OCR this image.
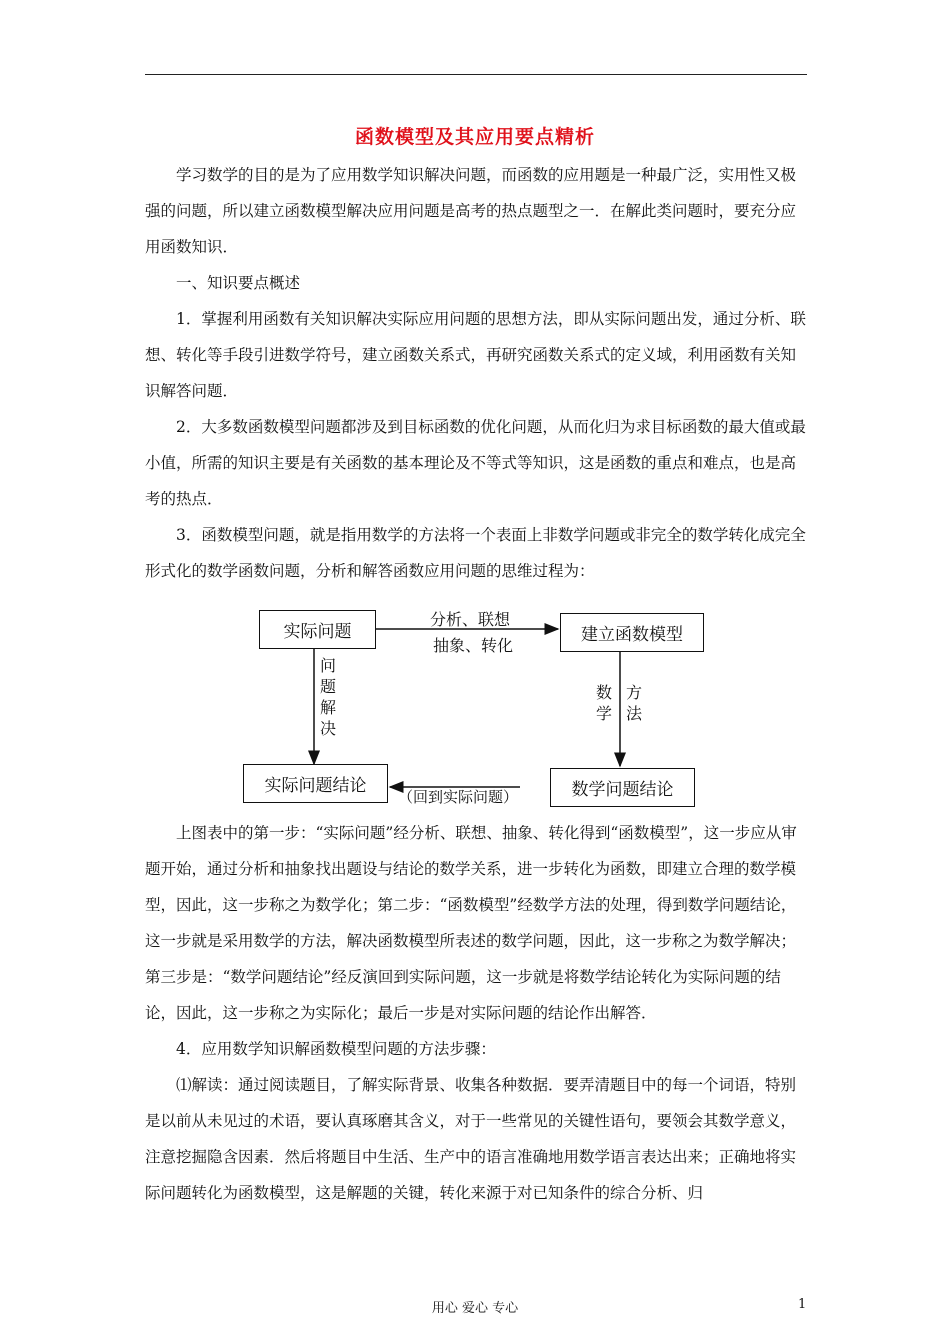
函数模型及其应用要点精析

学习数学的目的是为了应用数学知识解决问题，而函数的应用题是一种最广泛，实用性又极强的问题，所以建立函数模型解决应用问题是高考的热点题型之一．在解此类问题时，要充分应用函数知识．

一、知识要点概述

1．掌握利用函数有关知识解决实际应用问题的思想方法，即从实际问题出发，通过分析、联想、转化等手段引进数学符号，建立函数关系式，再研究函数关系式的定义域，利用函数有关知识解答问题．

2．大多数函数模型问题都涉及到目标函数的优化问题，从而化归为求目标函数的最大值或最小值，所需的知识主要是有关函数的基本理论及不等式等知识，这是函数的重点和难点，也是高考的热点．

3．函数模型问题，就是指用数学的方法将一个表面上非数学问题或非完全的数学转化成完全形式化的数学函数问题，分析和解答函数应用问题的思维过程为：

实际问题	建立函数模型
数学问题结论
实际问题结论
分析、联想
抽象、转化
问题解决
数学
方法
（回到实际问题）

上图表中的第一步：“实际问题”经分析、联想、抽象、转化得到“函数模型”，这一步应从审题开始，通过分析和抽象找出题设与结论的数学关系，进一步转化为函数，即建立合理的数学模型，因此，这一步称之为数学化；第二步：“函数模型”经数学方法的处理，得到数学问题结论，这一步就是采用数学的方法，解决函数模型所表述的数学问题，因此，这一步称之为数学解决；第三步是：“数学问题结论”经反演回到实际问题，这一步就是将数学结论转化为实际问题的结论，因此，这一步称之为实际化；最后一步是对实际问题的结论作出解答．

4．应用数学知识解函数模型问题的方法步骤：

⑴解读：通过阅读题目，了解实际背景、收集各种数据．要弄清题目中的每一个词语，特别是以前从未见过的术语，要认真琢磨其含义，对于一些常见的关键性语句，要领会其数学意义，注意挖掘隐含因素．然后将题目中生活、生产中的语言准确地用数学语言表达出来；正确地将实际问题转化为函数模型，这是解题的关键，转化来源于对已知条件的综合分析、归

用心 爱心 专心	1
